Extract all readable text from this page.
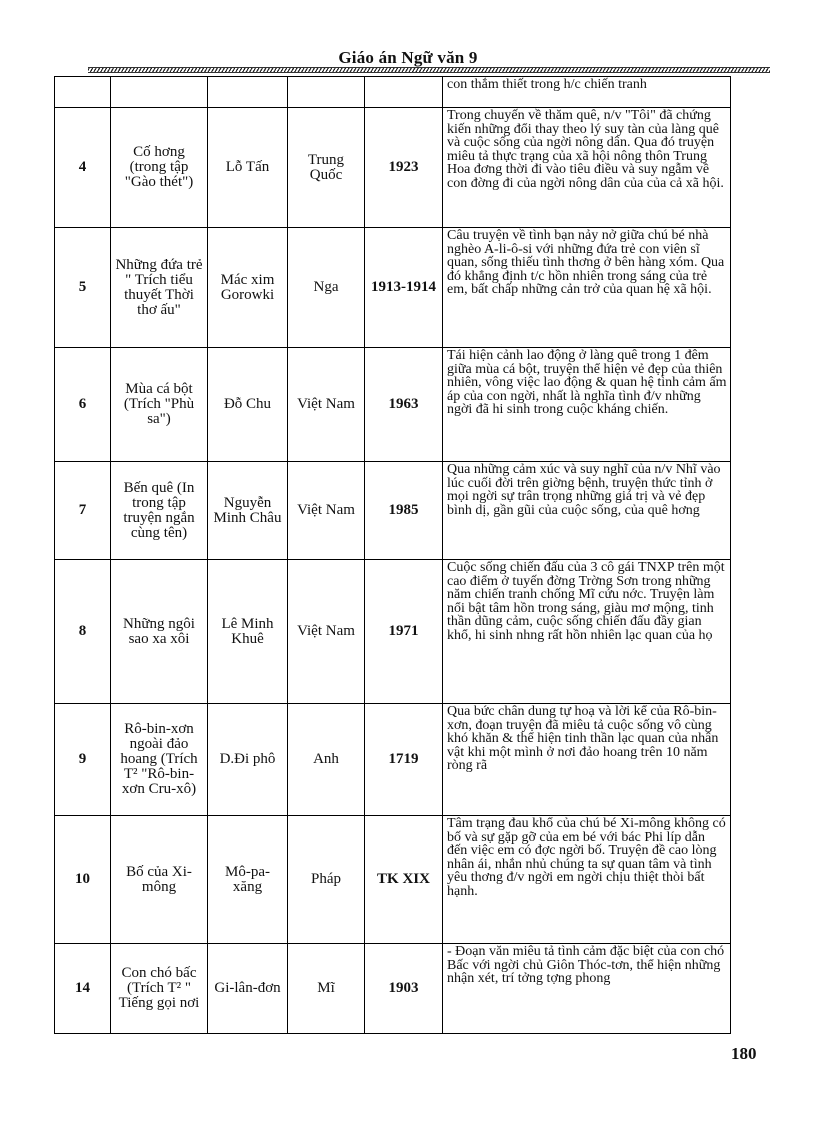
Giáo án Ngữ văn 9
					con thắm thiết trong h/c chiến tranh
4	Cố hơng (trong tập "Gào thét")	Lỗ Tấn	Trung Quốc	1923	Trong chuyến về thăm quê, n/v "Tôi" đã chứng kiến những đổi thay theo lý suy tàn của làng quê và cuộc sống của ngời nông dân. Qua đó truyện miêu tả thực trạng của xã hội nông thôn Trung Hoa đơng thời đi vào tiêu điều và suy ngẫm về con đờng đi của ngời nông dân của của cả xã hội.
5	Những đứa trẻ " Trích tiểu thuyết Thời thơ ấu"	Mác xim Gorowki	Nga	1913-1914	Câu truyện về tình bạn nảy nở giữa chú bé nhà nghèo A-li-ô-si với những đứa trẻ con viên sĩ quan, sống thiếu tình thơng ở bên hàng xóm. Qua đó khẳng định t/c hồn nhiên trong sáng của trẻ em, bất chấp những cản trở của quan hệ xã hội.
6	Mùa cá bột (Trích "Phù sa")	Đỗ Chu	Việt Nam	1963	Tái hiện cảnh lao động ở làng quê trong 1 đêm giữa mùa cá bột, truyện thể hiện vẻ đẹp của thiên nhiên, vông việc lao động & quan hệ tình cảm ấm áp của con ngời, nhất là nghĩa tình đ/v những ngời đã hi sinh trong cuộc kháng chiến.
7	Bến quê (In trong tập truyện ngắn cùng tên)	Nguyễn Minh Châu	Việt Nam	1985	Qua những cảm xúc và suy nghĩ của n/v Nhĩ vào lúc cuối đời trên giờng bệnh, truyện thức tỉnh ở mọi ngời sự trân trọng những giá trị và vẻ đẹp bình dị, gần gũi của cuộc sống, của quê hơng
8	Những ngôi sao xa xôi	Lê Minh Khuê	Việt Nam	1971	Cuộc sống chiến đấu của 3 cô gái TNXP trên một cao điểm ở tuyến đờng Trờng Sơn trong những năm chiến tranh chống Mĩ cứu nớc. Truyện làm nổi bật tâm hồn trong sáng, giàu mơ mộng, tinh thần dũng cảm, cuộc sống chiến đấu đầy gian khổ, hi sinh nhng rất hồn nhiên lạc quan của họ
9	Rô-bin-xơn ngoài đảo hoang (Trích T² "Rô-bin-xơn Cru-xô)	D.Đi phô	Anh	1719	Qua bức chân dung tự hoạ và lời kể của Rô-bin-xơn, đoạn truyện đã miêu tả cuộc sống vô cùng khó khăn & thể hiện tinh thần lạc quan của nhân vật khi một mình ở nơi đảo hoang trên 10 năm ròng rã
10	Bố của Xi-mông	Mô-pa-xăng	Pháp	TK XIX	Tâm trạng đau khổ của chú bé Xi-mông không có bố và sự gặp gỡ của em bé với bác Phi líp dẫn đến việc em có đợc ngời bố. Truyện đề cao lòng nhân ái, nhắn nhủ chúng ta sự quan tâm và tình yêu thơng đ/v ngời em ngời chịu thiệt thòi bất hạnh.
14	Con chó bấc (Trích T² " Tiếng gọi nơi	Gi-lân-đơn	Mĩ	1903	- Đoạn văn miêu tả tình cảm đặc biệt của con chó Bấc với ngời chủ Giôn Thóc-tơn, thể hiện những nhận xét, trí tởng tợng phong
180
